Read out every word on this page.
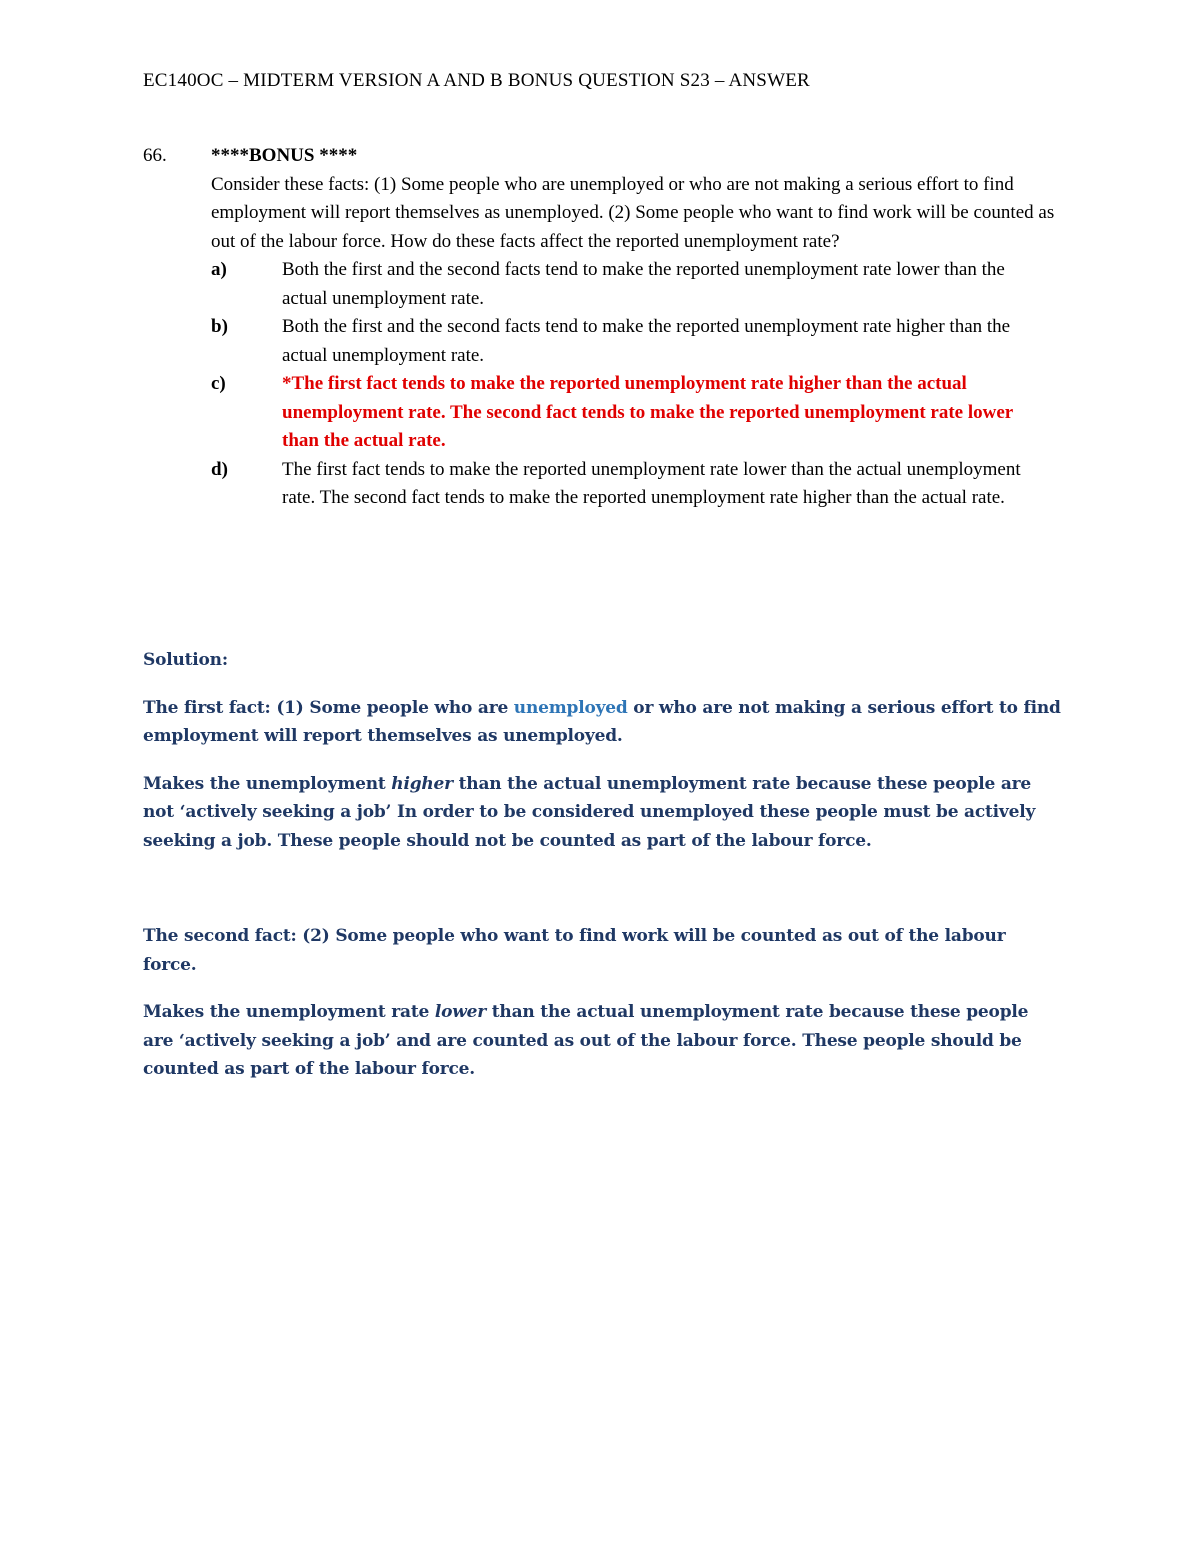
EC140OC – MIDTERM VERSION A AND B BONUS QUESTION S23 – ANSWER
66.	****BONUS ****
Consider these facts: (1) Some people who are unemployed or who are not making a serious effort to find employment will report themselves as unemployed. (2) Some people who want to find work will be counted as out of the labour force. How do these facts affect the reported unemployment rate?
a)	Both the first and the second facts tend to make the reported unemployment rate lower than the actual unemployment rate.
b)	Both the first and the second facts tend to make the reported unemployment rate higher than the actual unemployment rate.
c)	*The first fact tends to make the reported unemployment rate higher than the actual unemployment rate. The second fact tends to make the reported unemployment rate lower than the actual rate.
d)	The first fact tends to make the reported unemployment rate lower than the actual unemployment rate. The second fact tends to make the reported unemployment rate higher than the actual rate.

Solution:

The first fact: (1) Some people who are unemployed or who are not making a serious effort to find employment will report themselves as unemployed.

Makes the unemployment higher than the actual unemployment rate because these people are not ‘actively seeking a job’ In order to be considered unemployed these people must be actively seeking a job. These people should not be counted as part of the labour force.

The second fact: (2) Some people who want to find work will be counted as out of the labour force.

Makes the unemployment rate lower than the actual unemployment rate because these people are ‘actively seeking a job’ and are counted as out of the labour force. These people should be counted as part of the labour force.
